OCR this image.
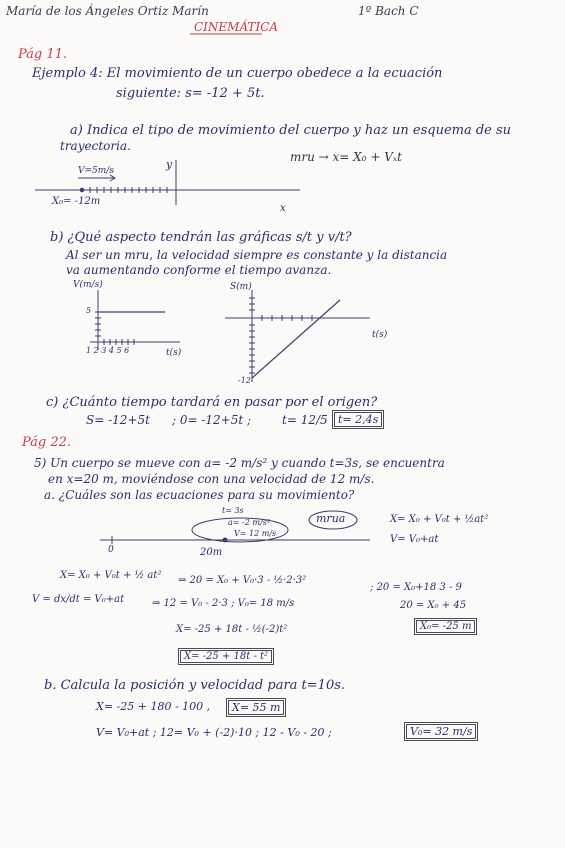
María de los Ángeles Ortiz Marín	1º Bach C
CINEMÁTICA
Pág 11.
Ejemplo 4: El movimiento de un cuerpo obedece a la ecuación
siguiente: s= -12 + 5t.
a) Indica el tipo de movimiento del cuerpo y haz un esquema de su
trayectoria.
mru → x= X₀ + Vₓt
V=5m/s	y
X₀= -12m
x
b) ¿Qué aspecto tendrán las gráficas s/t y v/t?
Al ser un mru, la velocidad siempre es constante y la distancia
va aumentando conforme el tiempo avanza.
V(m/s)
5
1 2 3 4 5 6	t(s)
S(m)
t(s)
-12
c) ¿Cuánto tiempo tardará en pasar por el origen?
S= -12+5t ; 0= -12+5t ;	t= 12/5 t= 2,4s
Pág 22.
5) Un cuerpo se mueve con a= -2 m/s² y cuando t=3s, se encuentra
en x=20 m, moviéndose con una velocidad de 12 m/s.
a. ¿Cuáles son las ecuaciones para su movimiento?
t= 3s
a= -2 m/s²
V= 12 m/s
0	20m
mrua	X= X₀ + V₀t + ½at²
V= V₀+at
X= X₀ + V₀t + ½ at² ⇒ 20 = X₀ + V₀·3 - ½·2·3²
; 20 = X₀+18 3 - 9
V = dx/dt = V₀+at	⇒ 12 = V₀ - 2·3 ; V₀= 18 m/s	20 = X₀ + 45
X₀= -25 m
X= -25 + 18t - ½(-2)t²
X= -25 + 18t - t²
b. Calcula la posición y velocidad para t=10s.
X= -25 + 180 - 100 ,	X= 55 m
V= V₀+at ; 12= V₀ + (-2)·10 ; 12 - V₀ - 20 ;	V₀= 32 m/s
